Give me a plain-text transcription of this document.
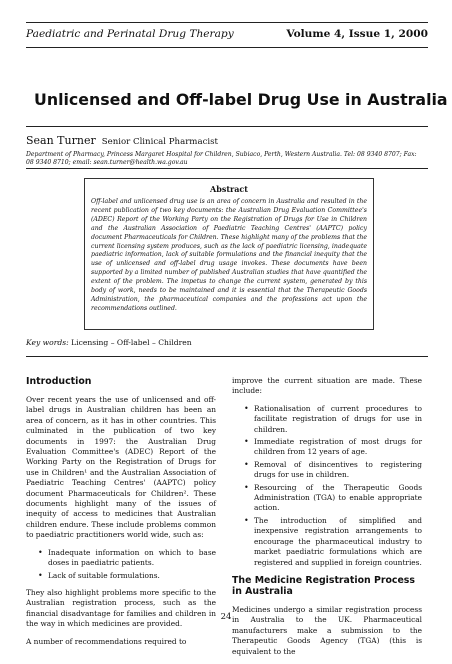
Paediatric and Perinatal Drug Therapy	Volume 4, Issue 1, 2000
Unlicensed and Off-label Drug Use in Australia
Sean Turner Senior Clinical Pharmacist
Department of Pharmacy, Princess Margaret Hospital for Children, Subiaco, Perth, Western Australia. Tel: 08 9340 8707; Fax: 08 9340 8710; email: sean.turner@health.wa.gov.au
Abstract
Off-label and unlicensed drug use is an area of concern in Australia and resulted in the recent publication of two key documents: the Australian Drug Evaluation Committee's (ADEC) Report of the Working Party on the Registration of Drugs for Use in Children and the Australian Association of Paediatric Teaching Centres' (AAPTC) policy document Pharmaceuticals for Children. These highlight many of the problems that the current licensing system produces, such as the lack of paediatric licensing, inadequate paediatric information, lack of suitable formulations and the financial inequity that the use of unlicensed and off-label drug usage invokes. These documents have been supported by a limited number of published Australian studies that have quantified the extent of the problem. The impetus to change the current system, generated by this body of work, needs to be maintained and it is essential that the Therapeutic Goods Administration, the pharmaceutical companies and the professions act upon the recommendations outlined.
Key words: Licensing – Off-label – Children
Introduction

Over recent years the use of unlicensed and off-label drugs in Australian children has been an area of concern, as it has in other countries. This culminated in the publication of two key documents in 1997: the Australian Drug Evaluation Committee's (ADEC) Report of the Working Party on the Registration of Drugs for use in Children¹ and the Australian Association of Paediatric Teaching Centres' (AAPTC) policy document Pharmaceuticals for Children². These documents highlight many of the issues of inequity of access to medicines that Australian children endure. These include problems common to paediatric practitioners world wide, such as:

• Inadequate information on which to base doses in paediatric patients.
• Lack of suitable formulations.

They also highlight problems more specific to the Australian registration process, such as the financial disadvantage for families and children in the way in which medicines are provided.

A number of recommendations required to

improve the current situation are made. These include:

• Rationalisation of current procedures to facilitate registration of drugs for use in children.
• Immediate registration of most drugs for children from 12 years of age.
• Removal of disincentives to registering drugs for use in children.
• Resourcing of the Therapeutic Goods Administration (TGA) to enable appropriate action.
• The introduction of simplified and inexpensive registration arrangements to encourage the pharmaceutical industry to market paediatric formulations which are registered and supplied in foreign countries.
The Medicine Registration Process in Australia

Medicines undergo a similar registration process in Australia to the UK. Pharmaceutical manufacturers make a submission to the Therapeutic Goods Agency (TGA) (this is equivalent to the

24
